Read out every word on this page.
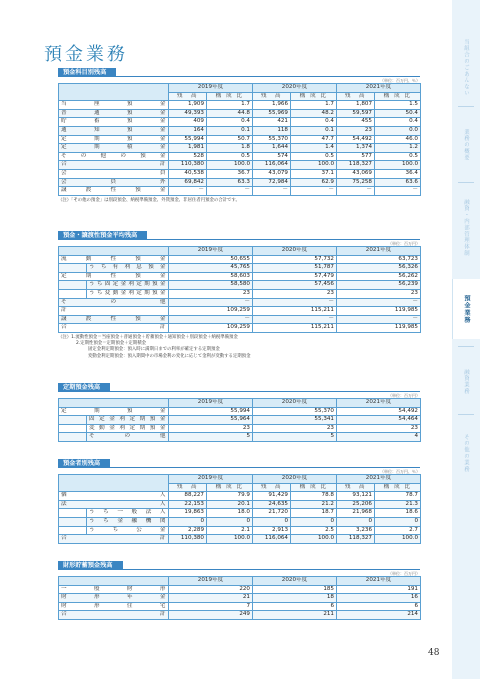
預金業務
預金科目別残高
（単位：百万円、％）
	2019年度		2020年度		2021年度	
	残　高	構 成 比	残　高	構 成 比	残　高	構 成 比
当座預金	1,909	1.7	1,966	1.7	1,807	1.5
普通預金	49,393	44.8	55,969	48.2	59,597	50.4
貯蓄預金	409	0.4	421	0.4	455	0.4
通知預金	164	0.1	118	0.1	23	0.0
定期預金	55,994	50.7	55,370	47.7	54,492	46.0
定期積金	1,981	1.8	1,644	1.4	1,374	1.2
その他の預金	528	0.5	574	0.5	577	0.5
合計	110,380	100.0	116,064	100.0	118,327	100.0
会員	40,538	36.7	43,079	37.1	43,069	36.4
会員外	69,842	63.3	72,984	62.9	75,258	63.6
譲渡性預金	－	－	－	－	－	－
（注）「その他の預金」は別段預金、納税準備預金、外貨預金、非居住者円預金の合計です。
預金・譲渡性預金平均残高
（単位：百万円）
		2019年度	2020年度	2021年度
流動性預金		50,655	57,732	63,723
	うち有利息預金	45,765	51,787	56,326
定期性預金		58,603	57,479	56,262
	うち固定金利定期預金	58,580	57,456	56,239
	うち変動金利定期預金	23	23	23
その他		－	－	－
計		109,259	115,211	119,985
譲渡性預金		－	－	－
合計		109,259	115,211	119,985
（注）1.流動性預金＝当座預金＋普通預金＋貯蓄預金＋通知預金＋別段預金＋納税準備預金
2.定期性預金＝定期預金＋定期積金
固定金利定期預金：預入時に満期日までの利率が確定する定期預金
変動金利定期預金：預入期間中の市場金利の変化に応じて金利が変動する定期預金
定期預金残高
（単位：百万円）
		2019年度	2020年度	2021年度
定期預金		55,994	55,370	54,492
	固定金利定期預金	55,964	55,341	54,464
	変動金利定期預金	23	23	23
	その他	5	5	4
預金者別残高
（単位：百万円、％）
		2019年度		2020年度		2021年度	
		残　高	構 成 比	残　高	構 成 比	残　高	構 成 比
個人		88,227	79.9	91,429	78.8	93,121	78.7
法人		22,153	20.1	24,635	21.2	25,206	21.3
	うち一般法人	19,863	18.0	21,720	18.7	21,968	18.6
	うち金融機関	0	0	0	0	0	0
	うち公金	2,289	2.1	2,913	2.5	3,236	2.7
合計		110,380	100.0	116,064	100.0	118,327	100.0
財形貯蓄預金残高
（単位：百万円）
	2019年度	2020年度	2021年度
一般財形	220	185	191
財形年金	21	18	16
財形住宅	7	6	6
合計	249	211	214
48
当組合のごあんない
業務の概要
融資・内部管理体制
預金業務
融資業務
その他の業務
